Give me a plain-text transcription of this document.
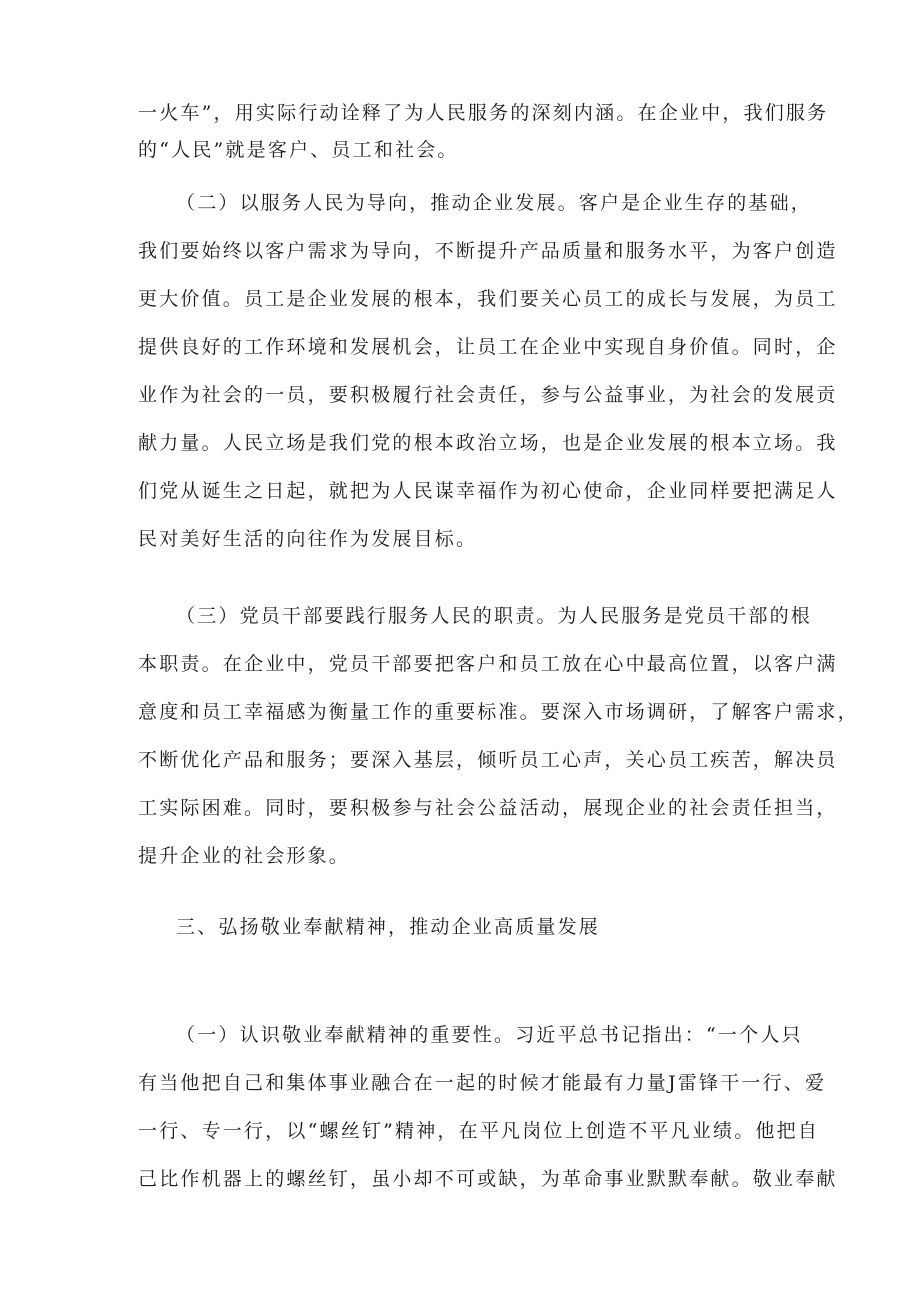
一火车”，用实际行动诠释了为人民服务的深刻内涵。在企业中，我们服务
的“人民”就是客户、员工和社会。
（二）以服务人民为导向，推动企业发展。客户是企业生存的基础，
我们要始终以客户需求为导向，不断提升产品质量和服务水平，为客户创造
更大价值。员工是企业发展的根本，我们要关心员工的成长与发展，为员工
提供良好的工作环境和发展机会，让员工在企业中实现自身价值。同时，企
业作为社会的一员，要积极履行社会责任，参与公益事业，为社会的发展贡
献力量。人民立场是我们党的根本政治立场，也是企业发展的根本立场。我
们党从诞生之日起，就把为人民谋幸福作为初心使命，企业同样要把满足人
民对美好生活的向往作为发展目标。
（三）党员干部要践行服务人民的职责。为人民服务是党员干部的根
本职责。在企业中，党员干部要把客户和员工放在心中最高位置，以客户满
意度和员工幸福感为衡量工作的重要标准。要深入市场调研，了解客户需求，
不断优化产品和服务；要深入基层，倾听员工心声，关心员工疾苦，解决员
工实际困难。同时，要积极参与社会公益活动，展现企业的社会责任担当，
提升企业的社会形象。
三、弘扬敬业奉献精神，推动企业高质量发展
（一）认识敬业奉献精神的重要性。习近平总书记指出：“一个人只
有当他把自己和集体事业融合在一起的时候才能最有力量J雷锋干一行、爱
一行、专一行，以“螺丝钉”精神，在平凡岗位上创造不平凡业绩。他把自
己比作机器上的螺丝钉，虽小却不可或缺，为革命事业默默奉献。敬业奉献
